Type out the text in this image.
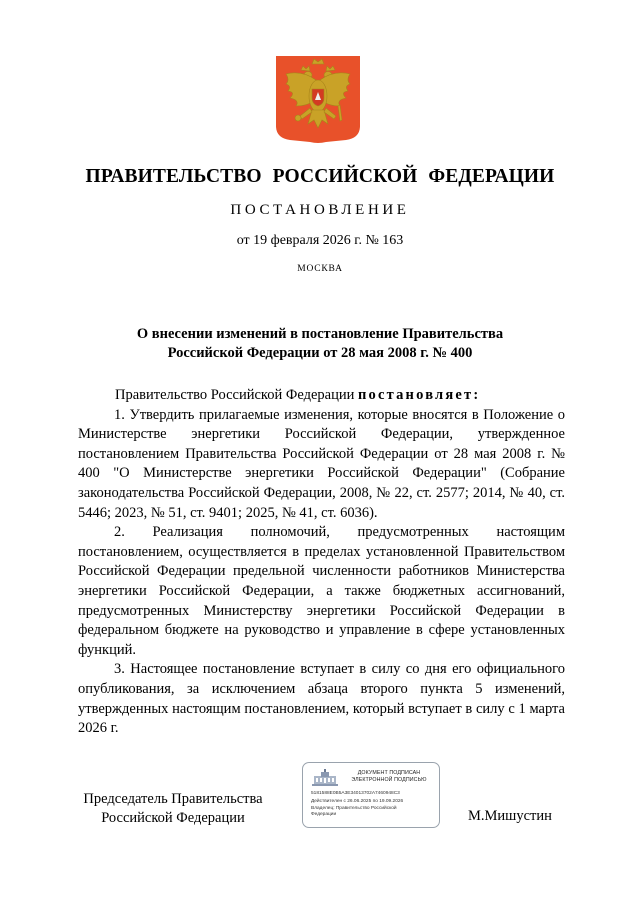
ПРАВИТЕЛЬСТВО РОССИЙСКОЙ ФЕДЕРАЦИИ
ПОСТАНОВЛЕНИЕ
от 19 февраля 2026 г. № 163
МОСКВА
О внесении изменений в постановление Правительства
Российской Федерации от 28 мая 2008 г. № 400

Правительство Российской Федерации постановляет:

1. Утвердить прилагаемые изменения, которые вносятся в Положение о Министерстве энергетики Российской Федерации, утвержденное постановлением Правительства Российской Федерации от 28 мая 2008 г. № 400 "О Министерстве энергетики Российской Федерации" (Собрание законодательства Российской Федерации, 2008, № 22, ст. 2577; 2014, № 40, ст. 5446; 2023, № 51, ст. 9401; 2025, № 41, ст. 6036).

2. Реализация полномочий, предусмотренных настоящим постановлением, осуществляется в пределах установленной Правительством Российской Федерации предельной численности работников Министерства энергетики Российской Федерации, а также бюджетных ассигнований, предусмотренных Министерству энергетики Российской Федерации в федеральном бюджете на руководство и управление в сфере установленных функций.

3. Настоящее постановление вступает в силу со дня его официального опубликования, за исключением абзаца второго пункта 5 изменений, утвержденных настоящим постановлением, который вступает в силу с 1 марта 2026 г.

Председатель Правительства
Российской Федерации
ДОКУМЕНТ ПОДПИСАН
ЭЛЕКТРОННОЙ ПОДПИСЬЮ
5181588E0B5A3E34013702A7460948C3
Действителен с 26.06.2025 по 19.09.2026
Владелец: Правительство Российской
Федерации	М.Мишустин
